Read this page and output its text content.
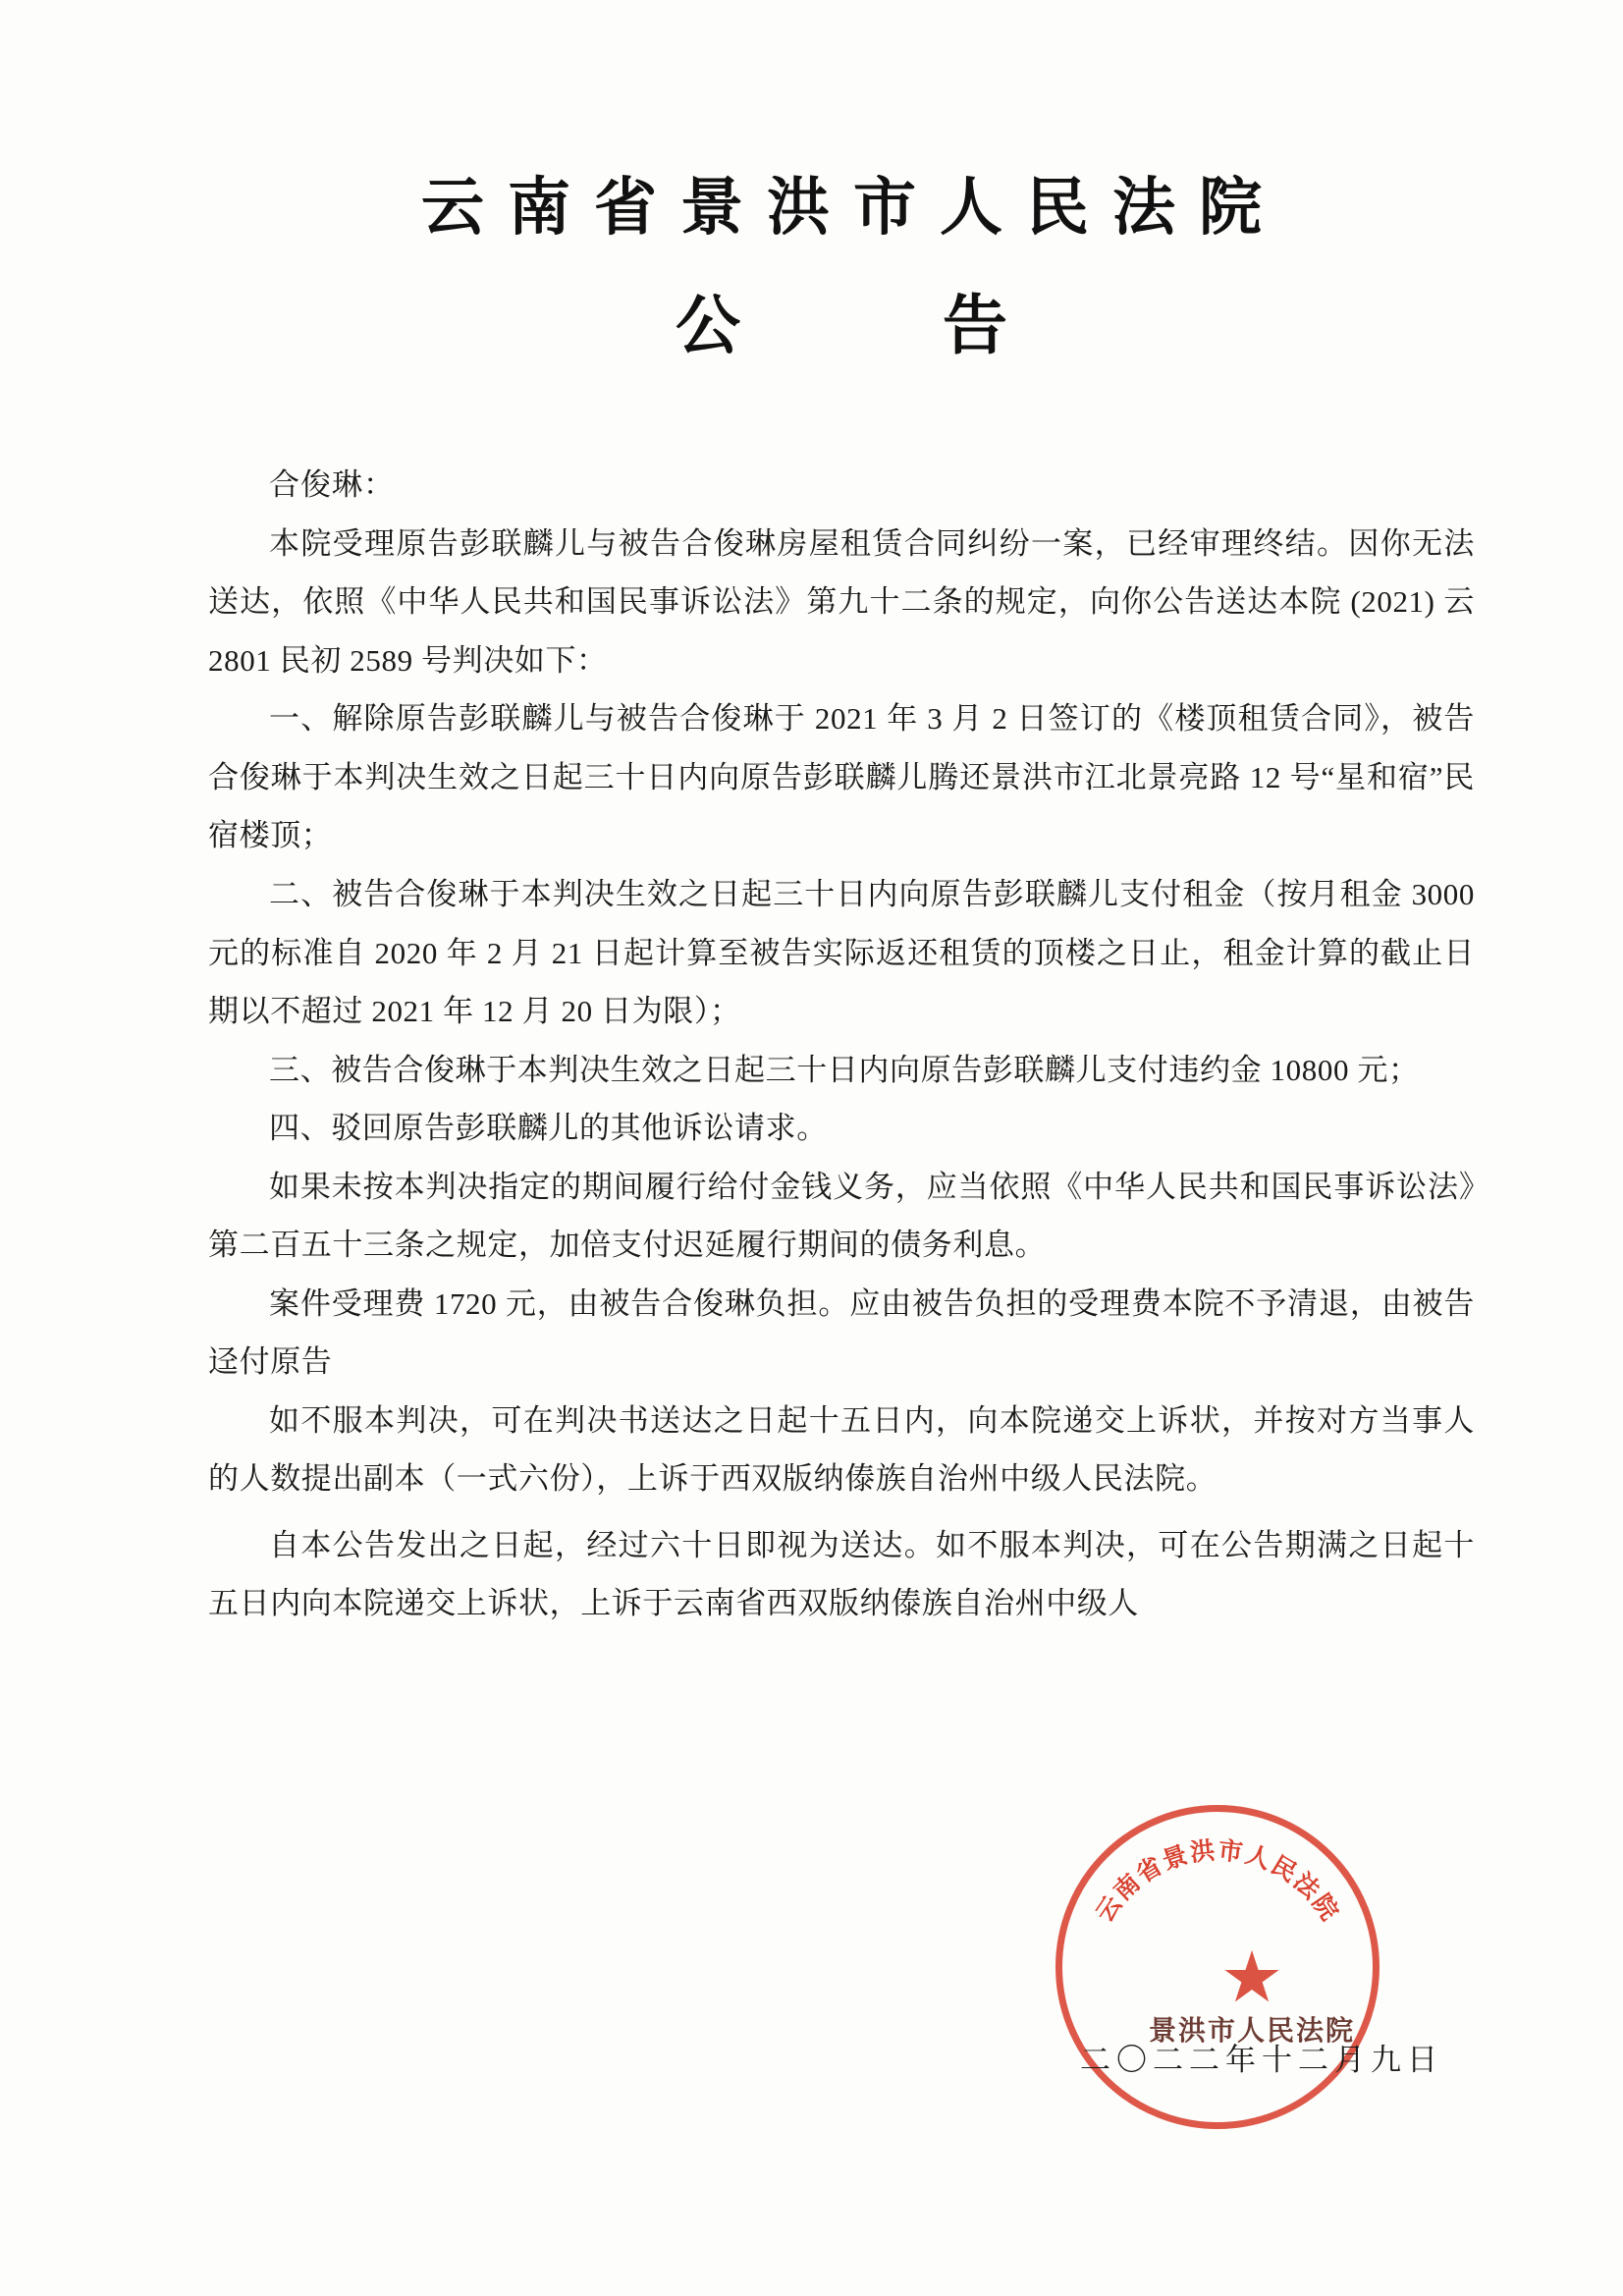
云南省景洪市人民法院
公　告
合俊琳：

本院受理原告彭联麟儿与被告合俊琳房屋租赁合同纠纷一案，已经审理终结。因你无法送达，依照《中华人民共和国民事诉讼法》第九十二条的规定，向你公告送达本院 (2021) 云 2801 民初 2589 号判决如下：

一、解除原告彭联麟儿与被告合俊琳于 2021 年 3 月 2 日签订的《楼顶租赁合同》，被告合俊琳于本判决生效之日起三十日内向原告彭联麟儿腾还景洪市江北景亮路 12 号“星和宿”民宿楼顶；

二、被告合俊琳于本判决生效之日起三十日内向原告彭联麟儿支付租金（按月租金 3000 元的标准自 2020 年 2 月 21 日起计算至被告实际返还租赁的顶楼之日止，租金计算的截止日期以不超过 2021 年 12 月 20 日为限）；

三、被告合俊琳于本判决生效之日起三十日内向原告彭联麟儿支付违约金 10800 元；

四、驳回原告彭联麟儿的其他诉讼请求。

如果未按本判决指定的期间履行给付金钱义务，应当依照《中华人民共和国民事诉讼法》第二百五十三条之规定，加倍支付迟延履行期间的债务利息。

案件受理费 1720 元，由被告合俊琳负担。应由被告负担的受理费本院不予清退，由被告迳付原告

如不服本判决，可在判决书送达之日起十五日内，向本院递交上诉状，并按对方当事人的人数提出副本（一式六份），上诉于西双版纳傣族自治州中级人民法院。

自本公告发出之日起，经过六十日即视为送达。如不服本判决，可在公告期满之日起十五日内向本院递交上诉状，上诉于云南省西双版纳傣族自治州中级人

云南省景洪市人民法院
★
景洪市人民法院
二〇二二年十二月九日
